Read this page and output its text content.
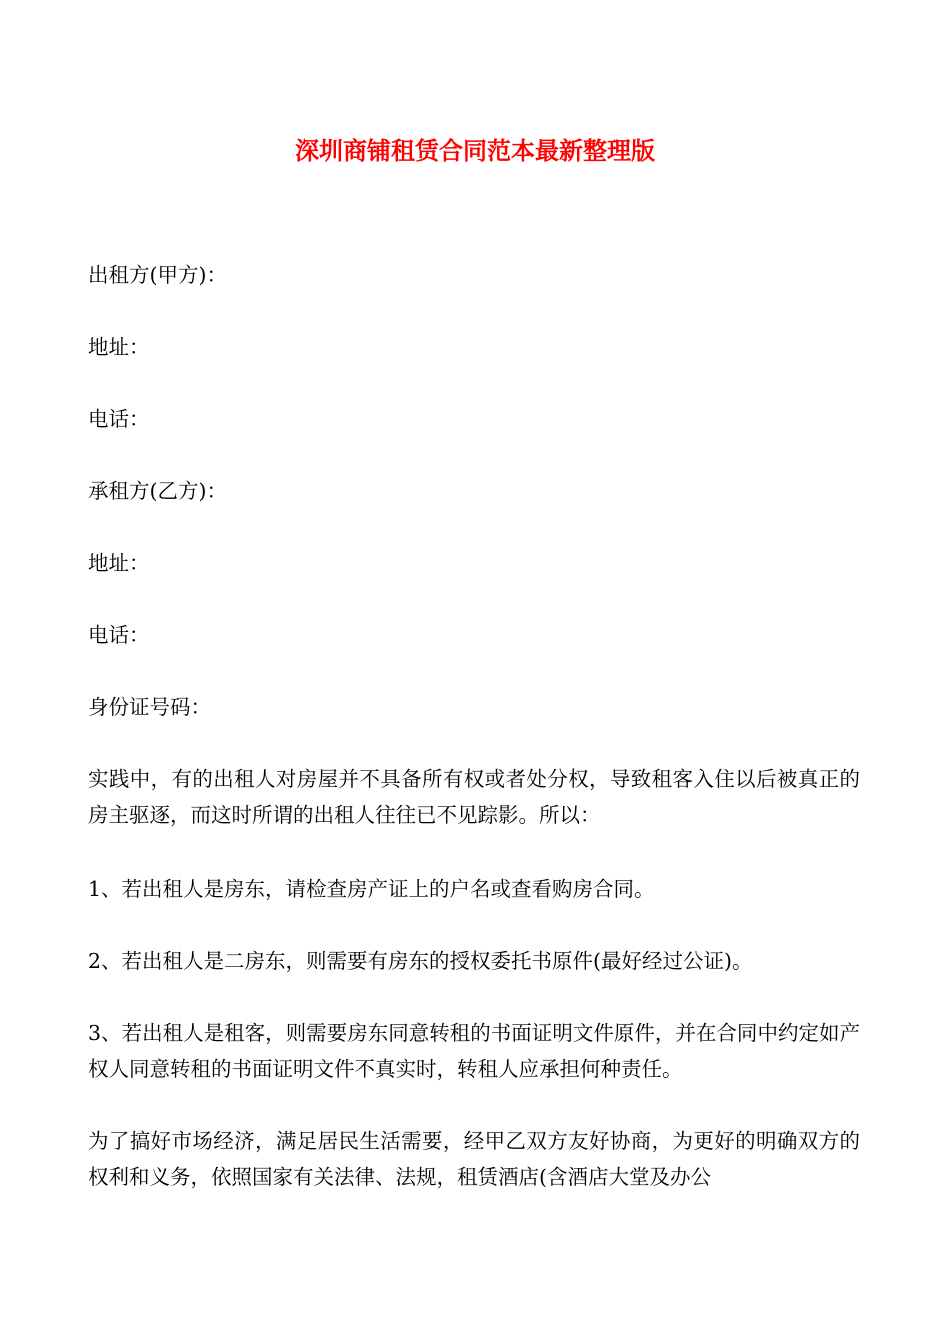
深圳商铺租赁合同范本最新整理版
出租方(甲方)：
地址：
电话：
承租方(乙方)：
地址：
电话：
身份证号码：
实践中，有的出租人对房屋并不具备所有权或者处分权，导致租客入住以后被真正的房主驱逐，而这时所谓的出租人往往已不见踪影。所以：
1、若出租人是房东，请检查房产证上的户名或查看购房合同。
2、若出租人是二房东，则需要有房东的授权委托书原件(最好经过公证)。
3、若出租人是租客，则需要房东同意转租的书面证明文件原件，并在合同中约定如产权人同意转租的书面证明文件不真实时，转租人应承担何种责任。
为了搞好市场经济，满足居民生活需要，经甲乙双方友好协商，为更好的明确双方的权利和义务，依照国家有关法律、法规，租赁酒店(含酒店大堂及办公
